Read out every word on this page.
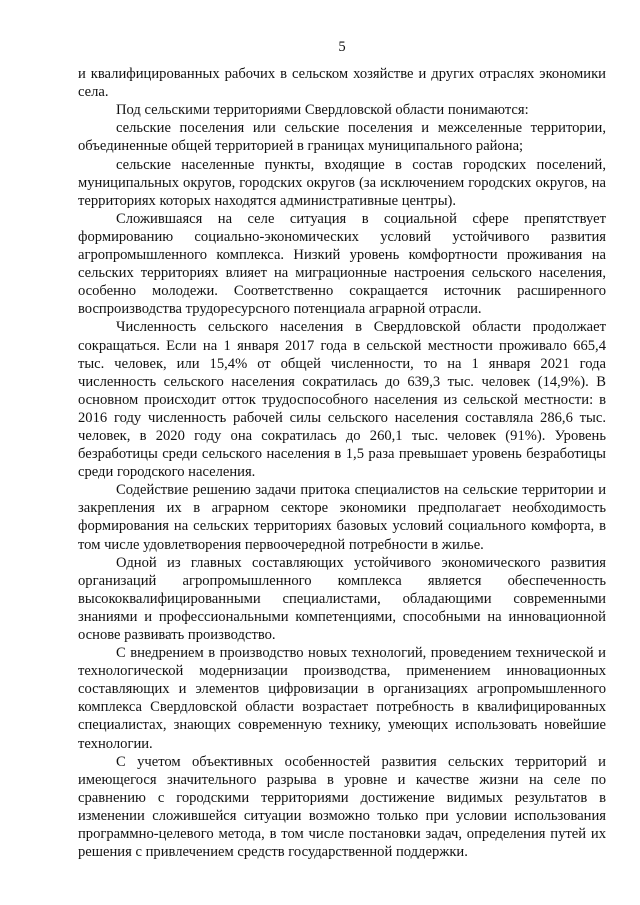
5

и квалифицированных рабочих в сельском хозяйстве и других отраслях экономики села.

Под сельскими территориями Свердловской области понимаются:

сельские поселения или сельские поселения и межселенные территории, объединенные общей территорией в границах муниципального района;

сельские населенные пункты, входящие в состав городских поселений, муниципальных округов, городских округов (за исключением городских округов, на территориях которых находятся административные центры).

Сложившаяся на селе ситуация в социальной сфере препятствует формированию социально-экономических условий устойчивого развития агропромышленного комплекса. Низкий уровень комфортности проживания на сельских территориях влияет на миграционные настроения сельского населения, особенно молодежи. Соответственно сокращается источник расширенного воспроизводства трудоресурсного потенциала аграрной отрасли.

Численность сельского населения в Свердловской области продолжает сокращаться. Если на 1 января 2017 года в сельской местности проживало 665,4 тыс. человек, или 15,4% от общей численности, то на 1 января 2021 года численность сельского населения сократилась до 639,3 тыс. человек (14,9%). В основном происходит отток трудоспособного населения из сельской местности: в 2016 году численность рабочей силы сельского населения составляла 286,6 тыс. человек, в 2020 году она сократилась до 260,1 тыс. человек (91%). Уровень безработицы среди сельского населения в 1,5 раза превышает уровень безработицы среди городского населения.

Содействие решению задачи притока специалистов на сельские территории и закрепления их в аграрном секторе экономики предполагает необходимость формирования на сельских территориях базовых условий социального комфорта, в том числе удовлетворения первоочередной потребности в жилье.

Одной из главных составляющих устойчивого экономического развития организаций агропромышленного комплекса является обеспеченность высококвалифицированными специалистами, обладающими современными знаниями и профессиональными компетенциями, способными на инновационной основе развивать производство.

С внедрением в производство новых технологий, проведением технической и технологической модернизации производства, применением инновационных составляющих и элементов цифровизации в организациях агропромышленного комплекса Свердловской области возрастает потребность в квалифицированных специалистах, знающих современную технику, умеющих использовать новейшие технологии.

С учетом объективных особенностей развития сельских территорий и имеющегося значительного разрыва в уровне и качестве жизни на селе по сравнению с городскими территориями достижение видимых результатов в изменении сложившейся ситуации возможно только при условии использования программно-целевого метода, в том числе постановки задач, определения путей их решения с привлечением средств государственной поддержки.
